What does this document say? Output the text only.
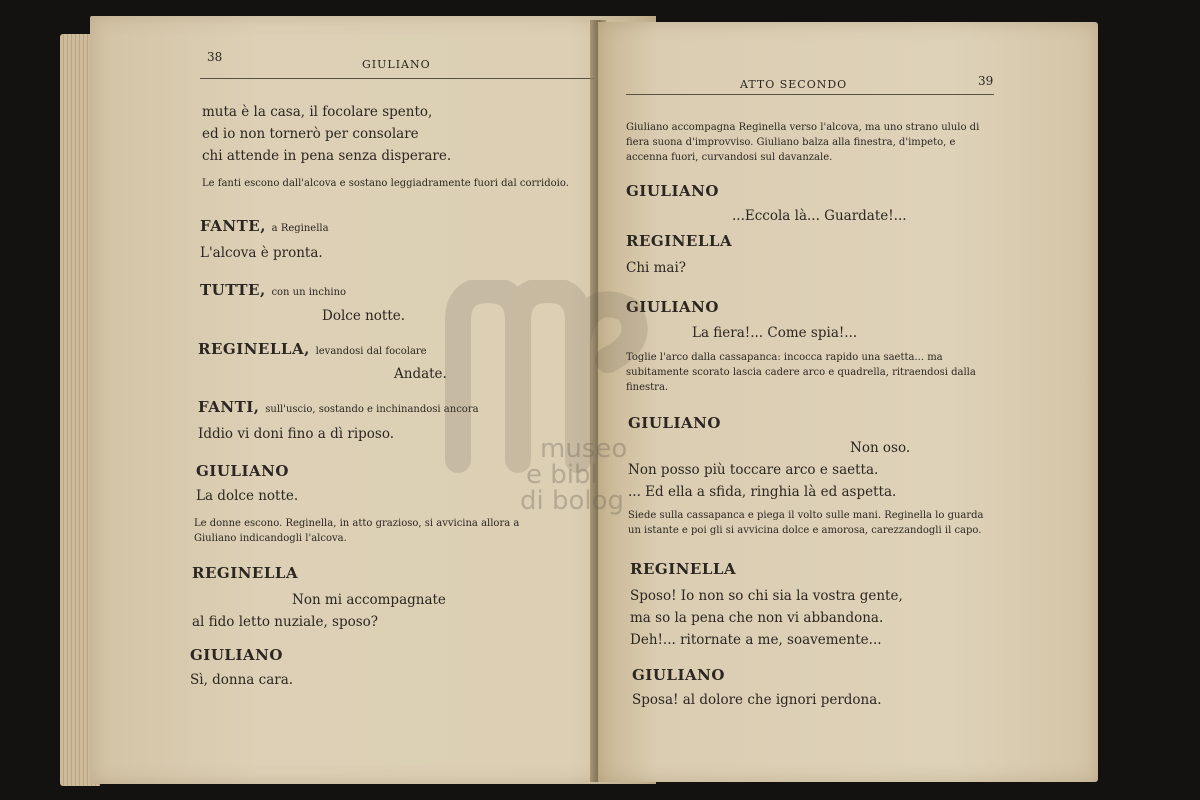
38
GIULIANO
muta è la casa, il focolare spento,
ed io non tornerò per consolare
chi attende in pena senza disperare.
Le fanti escono dall'alcova e sostano leggiadramente fuori dal corridoio.
FANTE, a Reginella
L'alcova è pronta.
TUTTE, con un inchino
Dolce notte.
REGINELLA, levandosi dal focolare
Andate.
FANTI, sull'uscio, sostando e inchinandosi ancora
Iddio vi doni fino a dì riposo.
GIULIANO
La dolce notte.
Le donne escono. Reginella, in atto grazioso, si avvicina allora a Giuliano indicandogli l'alcova.
REGINELLA
Non mi accompagnate
al fido letto nuziale, sposo?
GIULIANO
Sì, donna cara.
ATTO SECONDO	39
Giuliano accompagna Reginella verso l'alcova, ma uno strano ululo di fiera suona d'improvviso. Giuliano balza alla finestra, d'impeto, e accenna fuori, curvandosi sul davanzale.
GIULIANO
...Eccola là... Guardate!...
REGINELLA
Chi mai?
GIULIANO
La fiera!... Come spia!...
Toglie l'arco dalla cassapanca: incocca rapido una saetta... ma subitamente scorato lascia cadere arco e quadrella, ritraendosi dalla finestra.
GIULIANO
Non oso.
Non posso più toccare arco e saetta.
... Ed ella a sfida, ringhia là ed aspetta.
Siede sulla cassapanca e piega il volto sulle mani. Reginella lo guarda un istante e poi gli si avvicina dolce e amorosa, carezzandogli il capo.
REGINELLA
Sposo! Io non so chi sia la vostra gente,
ma so la pena che non vi abbandona.
Deh!... ritornate a me, soavemente...
GIULIANO
Sposa! al dolore che ignori perdona.
museo
e bibl
di bolog
